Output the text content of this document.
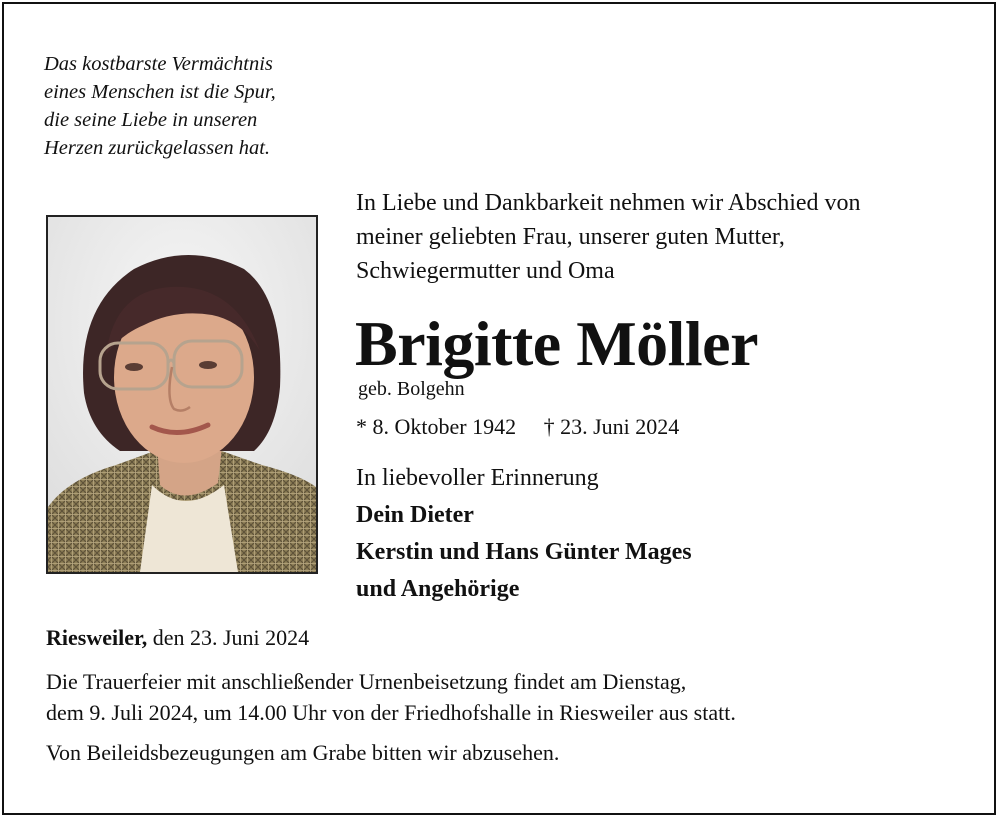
Das kostbarste Vermächtnis
eines Menschen ist die Spur,
die seine Liebe in unseren
Herzen zurückgelassen hat.
In Liebe und Dankbarkeit nehmen wir Abschied von
meiner geliebten Frau, unserer guten Mutter,
Schwiegermutter und Oma
Brigitte Möller
geb. Bolgehn
* 8. Oktober 1942 † 23. Juni 2024
In liebevoller Erinnerung
Dein Dieter
Kerstin und Hans Günter Mages
und Angehörige
Riesweiler, den 23. Juni 2024
Die Trauerfeier mit anschließender Urnenbeisetzung findet am Dienstag,
dem 9. Juli 2024, um 14.00 Uhr von der Friedhofshalle in Riesweiler aus statt.
Von Beileidsbezeugungen am Grabe bitten wir abzusehen.
